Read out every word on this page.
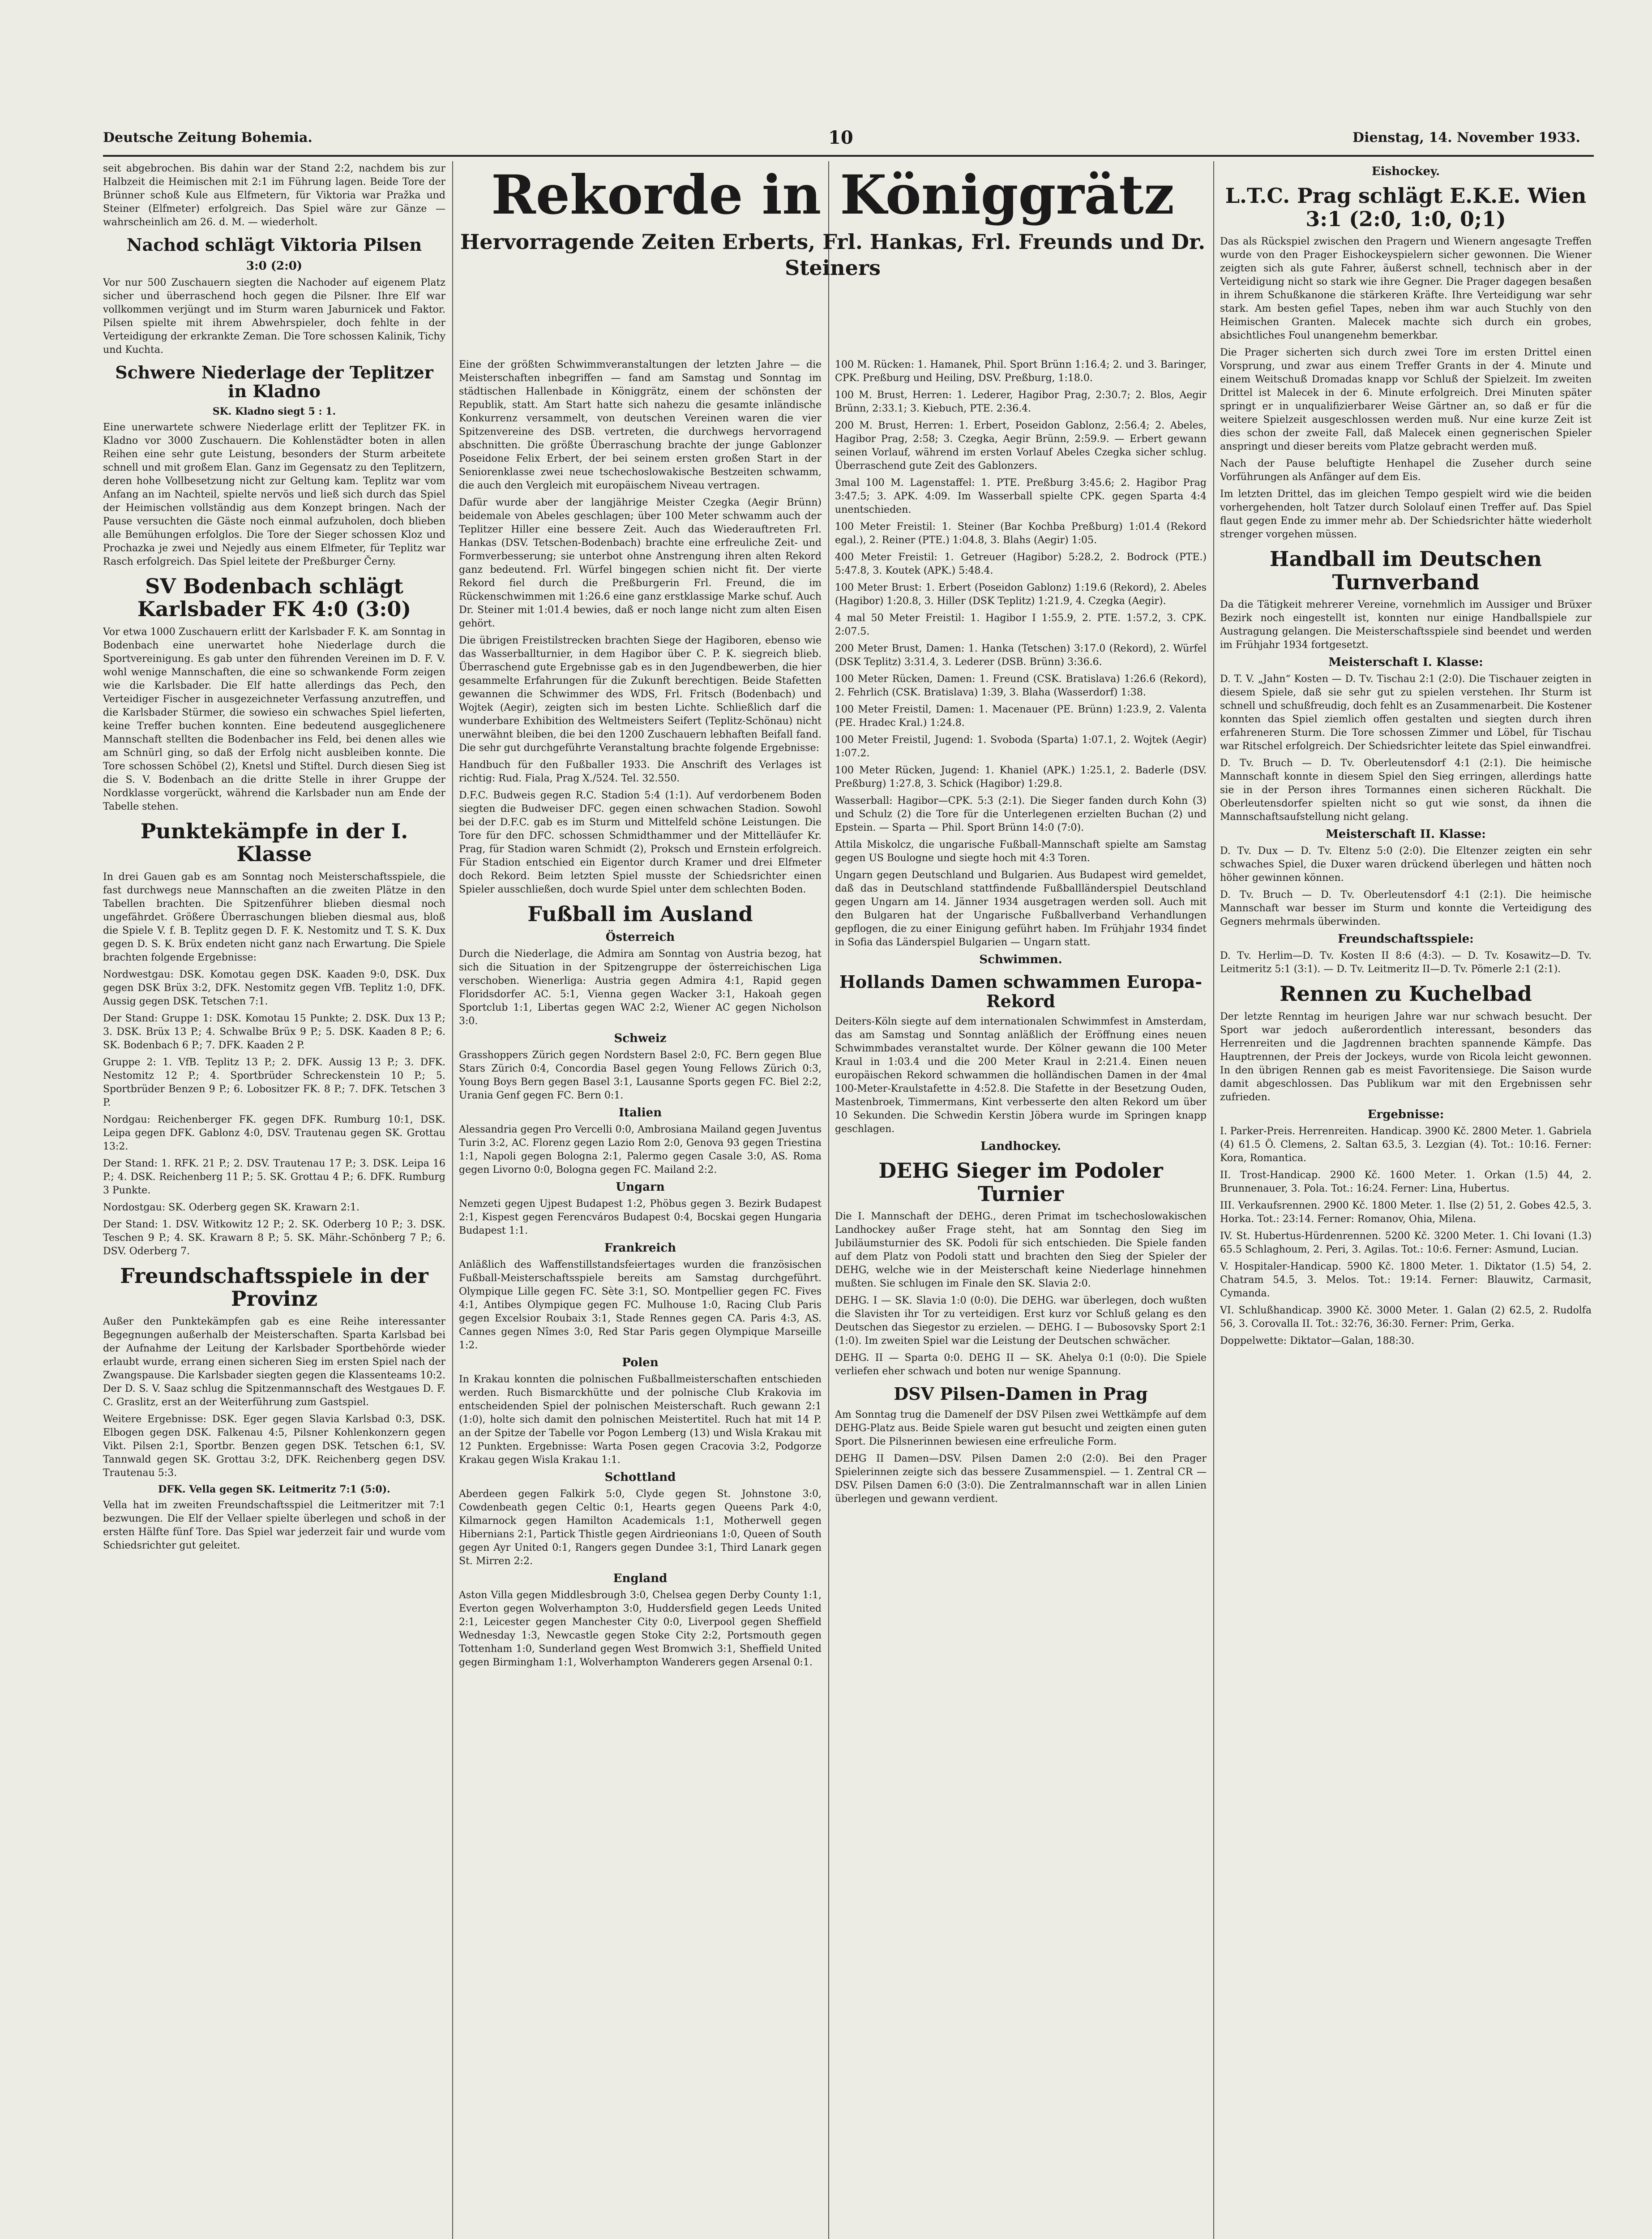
Deutsche Zeitung Bohemia.	10	Dienstag, 14. November 1933.
Rekorde in Königgrätz
Hervorragende Zeiten Erberts, Frl. Hankas, Frl. Freunds und Dr. Steiners

seit abgebrochen. Bis dahin war der Stand 2:2, nachdem bis zur Halbzeit die Heimischen mit 2:1 im Führung lagen. Beide Tore der Brünner schoß Kule aus Elfmetern, für Viktoria war Pražka und Steiner (Elfmeter) erfolgreich. Das Spiel wäre zur Gänze — wahrscheinlich am 26. d. M. — wiederholt.

Nachod schlägt Viktoria Pilsen
3:0 (2:0)

Vor nur 500 Zuschauern siegten die Nachoder auf eigenem Platz sicher und überraschend hoch gegen die Pilsner. Ihre Elf war vollkommen verjüngt und im Sturm waren Jaburnicek und Faktor. Pilsen spielte mit ihrem Abwehrspieler, doch fehlte in der Verteidigung der erkrankte Zeman. Die Tore schossen Kalinik, Tichy und Kuchta.

Schwere Niederlage der Teplitzer in Kladno
SK. Kladno siegt 5 : 1.

Eine unerwartete schwere Niederlage erlitt der Teplitzer FK. in Kladno vor 3000 Zuschauern. Die Kohlenstädter boten in allen Reihen eine sehr gute Leistung, besonders der Sturm arbeitete schnell und mit großem Elan. Ganz im Gegensatz zu den Teplitzern, deren hohe Vollbesetzung nicht zur Geltung kam. Teplitz war vom Anfang an im Nachteil, spielte nervös und ließ sich durch das Spiel der Heimischen vollständig aus dem Konzept bringen. Nach der Pause versuchten die Gäste noch einmal aufzuholen, doch blieben alle Bemühungen erfolglos. Die Tore der Sieger schossen Kloz und Prochazka je zwei und Nejedly aus einem Elfmeter, für Teplitz war Rasch erfolgreich. Das Spiel leitete der Preßburger Černy.

SV Bodenbach schlägt Karlsbader FK 4:0 (3:0)

Vor etwa 1000 Zuschauern erlitt der Karlsbader F. K. am Sonntag in Bodenbach eine unerwartet hohe Niederlage durch die Sportvereinigung. Es gab unter den führenden Vereinen im D. F. V. wohl wenige Mannschaften, die eine so schwankende Form zeigen wie die Karlsbader. Die Elf hatte allerdings das Pech, den Verteidiger Fischer in ausgezeichneter Verfassung anzutreffen, und die Karlsbader Stürmer, die sowieso ein schwaches Spiel lieferten, keine Treffer buchen konnten. Eine bedeutend ausgeglichenere Mannschaft stellten die Bodenbacher ins Feld, bei denen alles wie am Schnürl ging, so daß der Erfolg nicht ausbleiben konnte. Die Tore schossen Schöbel (2), Knetsl und Stiftel. Durch diesen Sieg ist die S. V. Bodenbach an die dritte Stelle in ihrer Gruppe der Nordklasse vorgerückt, während die Karlsbader nun am Ende der Tabelle stehen.

Punktekämpfe in der I. Klasse

In drei Gauen gab es am Sonntag noch Meisterschaftsspiele, die fast durchwegs neue Mannschaften an die zweiten Plätze in den Tabellen brachten. Die Spitzenführer blieben diesmal noch ungefährdet. Größere Überraschungen blieben diesmal aus, bloß die Spiele V. f. B. Teplitz gegen D. F. K. Nestomitz und T. S. K. Dux gegen D. S. K. Brüx endeten nicht ganz nach Erwartung. Die Spiele brachten folgende Ergebnisse:

Nordwestgau: DSK. Komotau gegen DSK. Kaaden 9:0, DSK. Dux gegen DSK Brüx 3:2, DFK. Nestomitz gegen VfB. Teplitz 1:0, DFK. Aussig gegen DSK. Tetschen 7:1.

Der Stand: Gruppe 1: DSK. Komotau 15 Punkte; 2. DSK. Dux 13 P.; 3. DSK. Brüx 13 P.; 4. Schwalbe Brüx 9 P.; 5. DSK. Kaaden 8 P.; 6. SK. Bodenbach 6 P.; 7. DFK. Kaaden 2 P.

Gruppe 2: 1. VfB. Teplitz 13 P.; 2. DFK. Aussig 13 P.; 3. DFK. Nestomitz 12 P.; 4. Sportbrüder Schreckenstein 10 P.; 5. Sportbrüder Benzen 9 P.; 6. Lobositzer FK. 8 P.; 7. DFK. Tetschen 3 P.

Nordgau: Reichenberger FK. gegen DFK. Rumburg 10:1, DSK. Leipa gegen DFK. Gablonz 4:0, DSV. Trautenau gegen SK. Grottau 13:2.

Der Stand: 1. RFK. 21 P.; 2. DSV. Trautenau 17 P.; 3. DSK. Leipa 16 P.; 4. DSK. Reichenberg 11 P.; 5. SK. Grottau 4 P.; 6. DFK. Rumburg 3 Punkte.

Nordostgau: SK. Oderberg gegen SK. Krawarn 2:1.

Der Stand: 1. DSV. Witkowitz 12 P.; 2. SK. Oderberg 10 P.; 3. DSK. Teschen 9 P.; 4. SK. Krawarn 8 P.; 5. SK. Mähr.-Schönberg 7 P.; 6. DSV. Oderberg 7.

Freundschaftsspiele in der Provinz

Außer den Punktekämpfen gab es eine Reihe interessanter Begegnungen außerhalb der Meisterschaften. Sparta Karlsbad bei der Aufnahme der Leitung der Karlsbader Sportbehörde wieder erlaubt wurde, errang einen sicheren Sieg im ersten Spiel nach der Zwangspause. Die Karlsbader siegten gegen die Klassenteams 10:2. Der D. S. V. Saaz schlug die Spitzenmannschaft des Westgaues D. F. C. Graslitz, erst an der Weiterführung zum Gastspiel.

Weitere Ergebnisse: DSK. Eger gegen Slavia Karlsbad 0:3, DSK. Elbogen gegen DSK. Falkenau 4:5, Pilsner Kohlenkonzern gegen Vikt. Pilsen 2:1, Sportbr. Benzen gegen DSK. Tetschen 6:1, SV. Tannwald gegen SK. Grottau 3:2, DFK. Reichenberg gegen DSV. Trautenau 5:3.

DFK. Vella gegen SK. Leitmeritz 7:1 (5:0).

Vella hat im zweiten Freundschaftsspiel die Leitmeritzer mit 7:1 bezwungen. Die Elf der Vellaer spielte überlegen und schoß in der ersten Hälfte fünf Tore. Das Spiel war jederzeit fair und wurde vom Schiedsrichter gut geleitet.

Eine der größten Schwimmveranstaltungen der letzten Jahre — die Meisterschaften inbegriffen — fand am Samstag und Sonntag im städtischen Hallenbade in Königgrätz, einem der schönsten der Republik, statt. Am Start hatte sich nahezu die gesamte inländische Konkurrenz versammelt, von deutschen Vereinen waren die vier Spitzenvereine des DSB. vertreten, die durchwegs hervorragend abschnitten. Die größte Überraschung brachte der junge Gablonzer Poseidone Felix Erbert, der bei seinem ersten großen Start in der Seniorenklasse zwei neue tschechoslowakische Bestzeiten schwamm, die auch den Vergleich mit europäischem Niveau vertragen.

Dafür wurde aber der langjährige Meister Czegka (Aegir Brünn) beidemale von Abeles geschlagen; über 100 Meter schwamm auch der Teplitzer Hiller eine bessere Zeit. Auch das Wiederauftreten Frl. Hankas (DSV. Tetschen-Bodenbach) brachte eine erfreuliche Zeit- und Formverbesserung; sie unterbot ohne Anstrengung ihren alten Rekord ganz bedeutend. Frl. Würfel bingegen schien nicht fit. Der vierte Rekord fiel durch die Preßburgerin Frl. Freund, die im Rückenschwimmen mit 1:26.6 eine ganz erstklassige Marke schuf. Auch Dr. Steiner mit 1:01.4 bewies, daß er noch lange nicht zum alten Eisen gehört.

Die übrigen Freistilstrecken brachten Siege der Hagiboren, ebenso wie das Wasserballturnier, in dem Hagibor über C. P. K. siegreich blieb. Überraschend gute Ergebnisse gab es in den Jugendbewerben, die hier gesammelte Erfahrungen für die Zukunft berechtigen. Beide Stafetten gewannen die Schwimmer des WDS, Frl. Fritsch (Bodenbach) und Wojtek (Aegir), zeigten sich im besten Lichte. Schließlich darf die wunderbare Exhibition des Weltmeisters Seifert (Teplitz-Schönau) nicht unerwähnt bleiben, die bei den 1200 Zuschauern lebhaften Beifall fand. Die sehr gut durchgeführte Veranstaltung brachte folgende Ergebnisse:

Handbuch für den Fußballer 1933. Die Anschrift des Verlages ist richtig: Rud. Fiala, Prag X./524. Tel. 32.550.

D.F.C. Budweis gegen R.C. Stadion 5:4 (1:1). Auf verdorbenem Boden siegten die Budweiser DFC. gegen einen schwachen Stadion. Sowohl bei der D.F.C. gab es im Sturm und Mittelfeld schöne Leistungen. Die Tore für den DFC. schossen Schmidthammer und der Mittelläufer Kr. Prag, für Stadion waren Schmidt (2), Proksch und Ernstein erfolgreich. Für Stadion entschied ein Eigentor durch Kramer und drei Elfmeter doch Rekord. Beim letzten Spiel musste der Schiedsrichter einen Spieler ausschließen, doch wurde Spiel unter dem schlechten Boden.

Fußball im Ausland
Österreich

Durch die Niederlage, die Admira am Sonntag von Austria bezog, hat sich die Situation in der Spitzengruppe der österreichischen Liga verschoben. Wienerliga: Austria gegen Admira 4:1, Rapid gegen Floridsdorfer AC. 5:1, Vienna gegen Wacker 3:1, Hakoah gegen Sportclub 1:1, Libertas gegen WAC 2:2, Wiener AC gegen Nicholson 3:0.

Schweiz

Grasshoppers Zürich gegen Nordstern Basel 2:0, FC. Bern gegen Blue Stars Zürich 0:4, Concordia Basel gegen Young Fellows Zürich 0:3, Young Boys Bern gegen Basel 3:1, Lausanne Sports gegen FC. Biel 2:2, Urania Genf gegen FC. Bern 0:1.

Italien

Alessandria gegen Pro Vercelli 0:0, Ambrosiana Mailand gegen Juventus Turin 3:2, AC. Florenz gegen Lazio Rom 2:0, Genova 93 gegen Triestina 1:1, Napoli gegen Bologna 2:1, Palermo gegen Casale 3:0, AS. Roma gegen Livorno 0:0, Bologna gegen FC. Mailand 2:2.

Ungarn

Nemzeti gegen Ujpest Budapest 1:2, Phöbus gegen 3. Bezirk Budapest 2:1, Kispest gegen Ferencváros Budapest 0:4, Bocskai gegen Hungaria Budapest 1:1.

Frankreich

Anläßlich des Waffenstillstandsfeiertages wurden die französischen Fußball-Meisterschaftsspiele bereits am Samstag durchgeführt. Olympique Lille gegen FC. Sète 3:1, SO. Montpellier gegen FC. Fives 4:1, Antibes Olympique gegen FC. Mulhouse 1:0, Racing Club Paris gegen Excelsior Roubaix 3:1, Stade Rennes gegen CA. Paris 4:3, AS. Cannes gegen Nîmes 3:0, Red Star Paris gegen Olympique Marseille 1:2.

Polen

In Krakau konnten die polnischen Fußballmeisterschaften entschieden werden. Ruch Bismarckhütte und der polnische Club Krakovia im entscheidenden Spiel der polnischen Meisterschaft. Ruch gewann 2:1 (1:0), holte sich damit den polnischen Meistertitel. Ruch hat mit 14 P. an der Spitze der Tabelle vor Pogon Lemberg (13) und Wisla Krakau mit 12 Punkten. Ergebnisse: Warta Posen gegen Cracovia 3:2, Podgorze Krakau gegen Wisla Krakau 1:1.

Schottland

Aberdeen gegen Falkirk 5:0, Clyde gegen St. Johnstone 3:0, Cowdenbeath gegen Celtic 0:1, Hearts gegen Queens Park 4:0, Kilmarnock gegen Hamilton Academicals 1:1, Motherwell gegen Hibernians 2:1, Partick Thistle gegen Airdrieonians 1:0, Queen of South gegen Ayr United 0:1, Rangers gegen Dundee 3:1, Third Lanark gegen St. Mirren 2:2.

England

Aston Villa gegen Middlesbrough 3:0, Chelsea gegen Derby County 1:1, Everton gegen Wolverhampton 3:0, Huddersfield gegen Leeds United 2:1, Leicester gegen Manchester City 0:0, Liverpool gegen Sheffield Wednesday 1:3, Newcastle gegen Stoke City 2:2, Portsmouth gegen Tottenham 1:0, Sunderland gegen West Bromwich 3:1, Sheffield United gegen Birmingham 1:1, Wolverhampton Wanderers gegen Arsenal 0:1.

100 M. Rücken: 1. Hamanek, Phil. Sport Brünn 1:16.4; 2. und 3. Baringer, CPK. Preßburg und Heiling, DSV. Preßburg, 1:18.0.

100 M. Brust, Herren: 1. Lederer, Hagibor Prag, 2:30.7; 2. Blos, Aegir Brünn, 2:33.1; 3. Kiebuch, PTE. 2:36.4.

200 M. Brust, Herren: 1. Erbert, Poseidon Gablonz, 2:56.4; 2. Abeles, Hagibor Prag, 2:58; 3. Czegka, Aegir Brünn, 2:59.9. — Erbert gewann seinen Vorlauf, während im ersten Vorlauf Abeles Czegka sicher schlug. Überraschend gute Zeit des Gablonzers.

3mal 100 M. Lagenstaffel: 1. PTE. Preßburg 3:45.6; 2. Hagibor Prag 3:47.5; 3. APK. 4:09. Im Wasserball spielte CPK. gegen Sparta 4:4 unentschieden.

100 Meter Freistil: 1. Steiner (Bar Kochba Preßburg) 1:01.4 (Rekord egal.), 2. Reiner (PTE.) 1:04.8, 3. Blahs (Aegir) 1:05.

400 Meter Freistil: 1. Getreuer (Hagibor) 5:28.2, 2. Bodrock (PTE.) 5:47.8, 3. Koutek (APK.) 5:48.4.

100 Meter Brust: 1. Erbert (Poseidon Gablonz) 1:19.6 (Rekord), 2. Abeles (Hagibor) 1:20.8, 3. Hiller (DSK Teplitz) 1:21.9, 4. Czegka (Aegir).

4 mal 50 Meter Freistil: 1. Hagibor I 1:55.9, 2. PTE. 1:57.2, 3. CPK. 2:07.5.

200 Meter Brust, Damen: 1. Hanka (Tetschen) 3:17.0 (Rekord), 2. Würfel (DSK Teplitz) 3:31.4, 3. Lederer (DSB. Brünn) 3:36.6.

100 Meter Rücken, Damen: 1. Freund (CSK. Bratislava) 1:26.6 (Rekord), 2. Fehrlich (CSK. Bratislava) 1:39, 3. Blaha (Wasserdorf) 1:38.

100 Meter Freistil, Damen: 1. Macenauer (PE. Brünn) 1:23.9, 2. Valenta (PE. Hradec Kral.) 1:24.8.

100 Meter Freistil, Jugend: 1. Svoboda (Sparta) 1:07.1, 2. Wojtek (Aegir) 1:07.2.

100 Meter Rücken, Jugend: 1. Khaniel (APK.) 1:25.1, 2. Baderle (DSV. Preßburg) 1:27.8, 3. Schick (Hagibor) 1:29.8.

Wasserball: Hagibor—CPK. 5:3 (2:1). Die Sieger fanden durch Kohn (3) und Schulz (2) die Tore für die Unterlegenen erzielten Buchan (2) und Epstein. — Sparta — Phil. Sport Brünn 14:0 (7:0).

Attila Miskolcz, die ungarische Fußball-Mannschaft spielte am Samstag gegen US Boulogne und siegte hoch mit 4:3 Toren.

Ungarn gegen Deutschland und Bulgarien. Aus Budapest wird gemeldet, daß das in Deutschland stattfindende Fußballländerspiel Deutschland gegen Ungarn am 14. Jänner 1934 ausgetragen werden soll. Auch mit den Bulgaren hat der Ungarische Fußballverband Verhandlungen gepflogen, die zu einer Einigung geführt haben. Im Frühjahr 1934 findet in Sofia das Länderspiel Bulgarien — Ungarn statt.

Schwimmen.
Hollands Damen schwammen Europa-Rekord

Deiters-Köln siegte auf dem internationalen Schwimmfest in Amsterdam, das am Samstag und Sonntag anläßlich der Eröffnung eines neuen Schwimmbades veranstaltet wurde. Der Kölner gewann die 100 Meter Kraul in 1:03.4 und die 200 Meter Kraul in 2:21.4. Einen neuen europäischen Rekord schwammen die holländischen Damen in der 4mal 100-Meter-Kraulstafette in 4:52.8. Die Stafette in der Besetzung Ouden, Mastenbroek, Timmermans, Kint verbesserte den alten Rekord um über 10 Sekunden. Die Schwedin Kerstin Jöbera wurde im Springen knapp geschlagen.

Landhockey.
DEHG Sieger im Podoler Turnier

Die I. Mannschaft der DEHG., deren Primat im tschechoslowakischen Landhockey außer Frage steht, hat am Sonntag den Sieg im Jubiläumsturnier des SK. Podoli für sich entschieden. Die Spiele fanden auf dem Platz von Podoli statt und brachten den Sieg der Spieler der DEHG, welche wie in der Meisterschaft keine Niederlage hinnehmen mußten. Sie schlugen im Finale den SK. Slavia 2:0.

DEHG. I — SK. Slavia 1:0 (0:0). Die DEHG. war überlegen, doch wußten die Slavisten ihr Tor zu verteidigen. Erst kurz vor Schluß gelang es den Deutschen das Siegestor zu erzielen. — DEHG. I — Bubosovsky Sport 2:1 (1:0). Im zweiten Spiel war die Leistung der Deutschen schwächer.

DEHG. II — Sparta 0:0. DEHG II — SK. Ahelya 0:1 (0:0). Die Spiele verliefen eher schwach und boten nur wenige Spannung.

DSV Pilsen-Damen in Prag

Am Sonntag trug die Damenelf der DSV Pilsen zwei Wettkämpfe auf dem DEHG-Platz aus. Beide Spiele waren gut besucht und zeigten einen guten Sport. Die Pilsnerinnen bewiesen eine erfreuliche Form.

DEHG II Damen—DSV. Pilsen Damen 2:0 (2:0). Bei den Prager Spielerinnen zeigte sich das bessere Zusammenspiel. — 1. Zentral CR — DSV. Pilsen Damen 6:0 (3:0). Die Zentralmannschaft war in allen Linien überlegen und gewann verdient.

Eishockey.
L.T.C. Prag schlägt E.K.E. Wien 3:1 (2:0, 1:0, 0;1)

Das als Rückspiel zwischen den Pragern und Wienern angesagte Treffen wurde von den Prager Eishockeyspielern sicher gewonnen. Die Wiener zeigten sich als gute Fahrer, äußerst schnell, technisch aber in der Verteidigung nicht so stark wie ihre Gegner. Die Prager dagegen besaßen in ihrem Schußkanone die stärkeren Kräfte. Ihre Verteidigung war sehr stark. Am besten gefiel Tapes, neben ihm war auch Stuchly von den Heimischen Granten. Malecek machte sich durch ein grobes, absichtliches Foul unangenehm bemerkbar.

Die Prager sicherten sich durch zwei Tore im ersten Drittel einen Vorsprung, und zwar aus einem Treffer Grants in der 4. Minute und einem Weitschuß Dromadas knapp vor Schluß der Spielzeit. Im zweiten Drittel ist Malecek in der 6. Minute erfolgreich. Drei Minuten später springt er in unqualifizierbarer Weise Gärtner an, so daß er für die weitere Spielzeit ausgeschlossen werden muß. Nur eine kurze Zeit ist dies schon der zweite Fall, daß Malecek einen gegnerischen Spieler anspringt und dieser bereits vom Platze gebracht werden muß.

Nach der Pause beluftigte Henhapel die Zuseher durch seine Vorführungen als Anfänger auf dem Eis.

Im letzten Drittel, das im gleichen Tempo gespielt wird wie die beiden vorhergehenden, holt Tatzer durch Sololauf einen Treffer auf. Das Spiel flaut gegen Ende zu immer mehr ab. Der Schiedsrichter hätte wiederholt strenger vorgehen müssen.

Handball im Deutschen Turnverband

Da die Tätigkeit mehrerer Vereine, vornehmlich im Aussiger und Brüxer Bezirk noch eingestellt ist, konnten nur einige Handballspiele zur Austragung gelangen. Die Meisterschaftsspiele sind beendet und werden im Frühjahr 1934 fortgesetzt.

Meisterschaft I. Klasse:

D. T. V. „Jahn“ Kosten — D. Tv. Tischau 2:1 (2:0). Die Tischauer zeigten in diesem Spiele, daß sie sehr gut zu spielen verstehen. Ihr Sturm ist schnell und schußfreudig, doch fehlt es an Zusammenarbeit. Die Kostener konnten das Spiel ziemlich offen gestalten und siegten durch ihren erfahreneren Sturm. Die Tore schossen Zimmer und Löbel, für Tischau war Ritschel erfolgreich. Der Schiedsrichter leitete das Spiel einwandfrei.

D. Tv. Bruch — D. Tv. Oberleutensdorf 4:1 (2:1). Die heimische Mannschaft konnte in diesem Spiel den Sieg erringen, allerdings hatte sie in der Person ihres Tormannes einen sicheren Rückhalt. Die Oberleutensdorfer spielten nicht so gut wie sonst, da ihnen die Mannschaftsaufstellung nicht gelang.

Meisterschaft II. Klasse:

D. Tv. Dux — D. Tv. Eltenz 5:0 (2:0). Die Eltenzer zeigten ein sehr schwaches Spiel, die Duxer waren drückend überlegen und hätten noch höher gewinnen können.

D. Tv. Bruch — D. Tv. Oberleutensdorf 4:1 (2:1). Die heimische Mannschaft war besser im Sturm und konnte die Verteidigung des Gegners mehrmals überwinden.

Freundschaftsspiele:

D. Tv. Herlim—D. Tv. Kosten II 8:6 (4:3). — D. Tv. Kosawitz—D. Tv. Leitmeritz 5:1 (3:1). — D. Tv. Leitmeritz II—D. Tv. Pömerle 2:1 (2:1).

Rennen zu Kuchelbad

Der letzte Renntag im heurigen Jahre war nur schwach besucht. Der Sport war jedoch außerordentlich interessant, besonders das Herrenreiten und die Jagdrennen brachten spannende Kämpfe. Das Hauptrennen, der Preis der Jockeys, wurde von Ricola leicht gewonnen. In den übrigen Rennen gab es meist Favoritensiege. Die Saison wurde damit abgeschlossen. Das Publikum war mit den Ergebnissen sehr zufrieden.

Ergebnisse:

I. Parker-Preis. Herrenreiten. Handicap. 3900 Kč. 2800 Meter. 1. Gabriela (4) 61.5 Ö. Clemens, 2. Saltan 63.5, 3. Lezgian (4). Tot.: 10:16. Ferner: Kora, Romantica.

II. Trost-Handicap. 2900 Kč. 1600 Meter. 1. Orkan (1.5) 44, 2. Brunnenauer, 3. Pola. Tot.: 16:24. Ferner: Lina, Hubertus.

III. Verkaufsrennen. 2900 Kč. 1800 Meter. 1. Ilse (2) 51, 2. Gobes 42.5, 3. Horka. Tot.: 23:14. Ferner: Romanov, Ohia, Milena.

IV. St. Hubertus-Hürdenrennen. 5200 Kč. 3200 Meter. 1. Chi Iovani (1.3) 65.5 Schlaghoum, 2. Peri, 3. Agilas. Tot.: 10:6. Ferner: Asmund, Lucian.

V. Hospitaler-Handicap. 5900 Kč. 1800 Meter. 1. Diktator (1.5) 54, 2. Chatram 54.5, 3. Melos. Tot.: 19:14. Ferner: Blauwitz, Carmasit, Cymanda.

VI. Schlußhandicap. 3900 Kč. 3000 Meter. 1. Galan (2) 62.5, 2. Rudolfa 56, 3. Corovalla II. Tot.: 32:76, 36:30. Ferner: Prim, Gerka.

Doppelwette: Diktator—Galan, 188:30.
